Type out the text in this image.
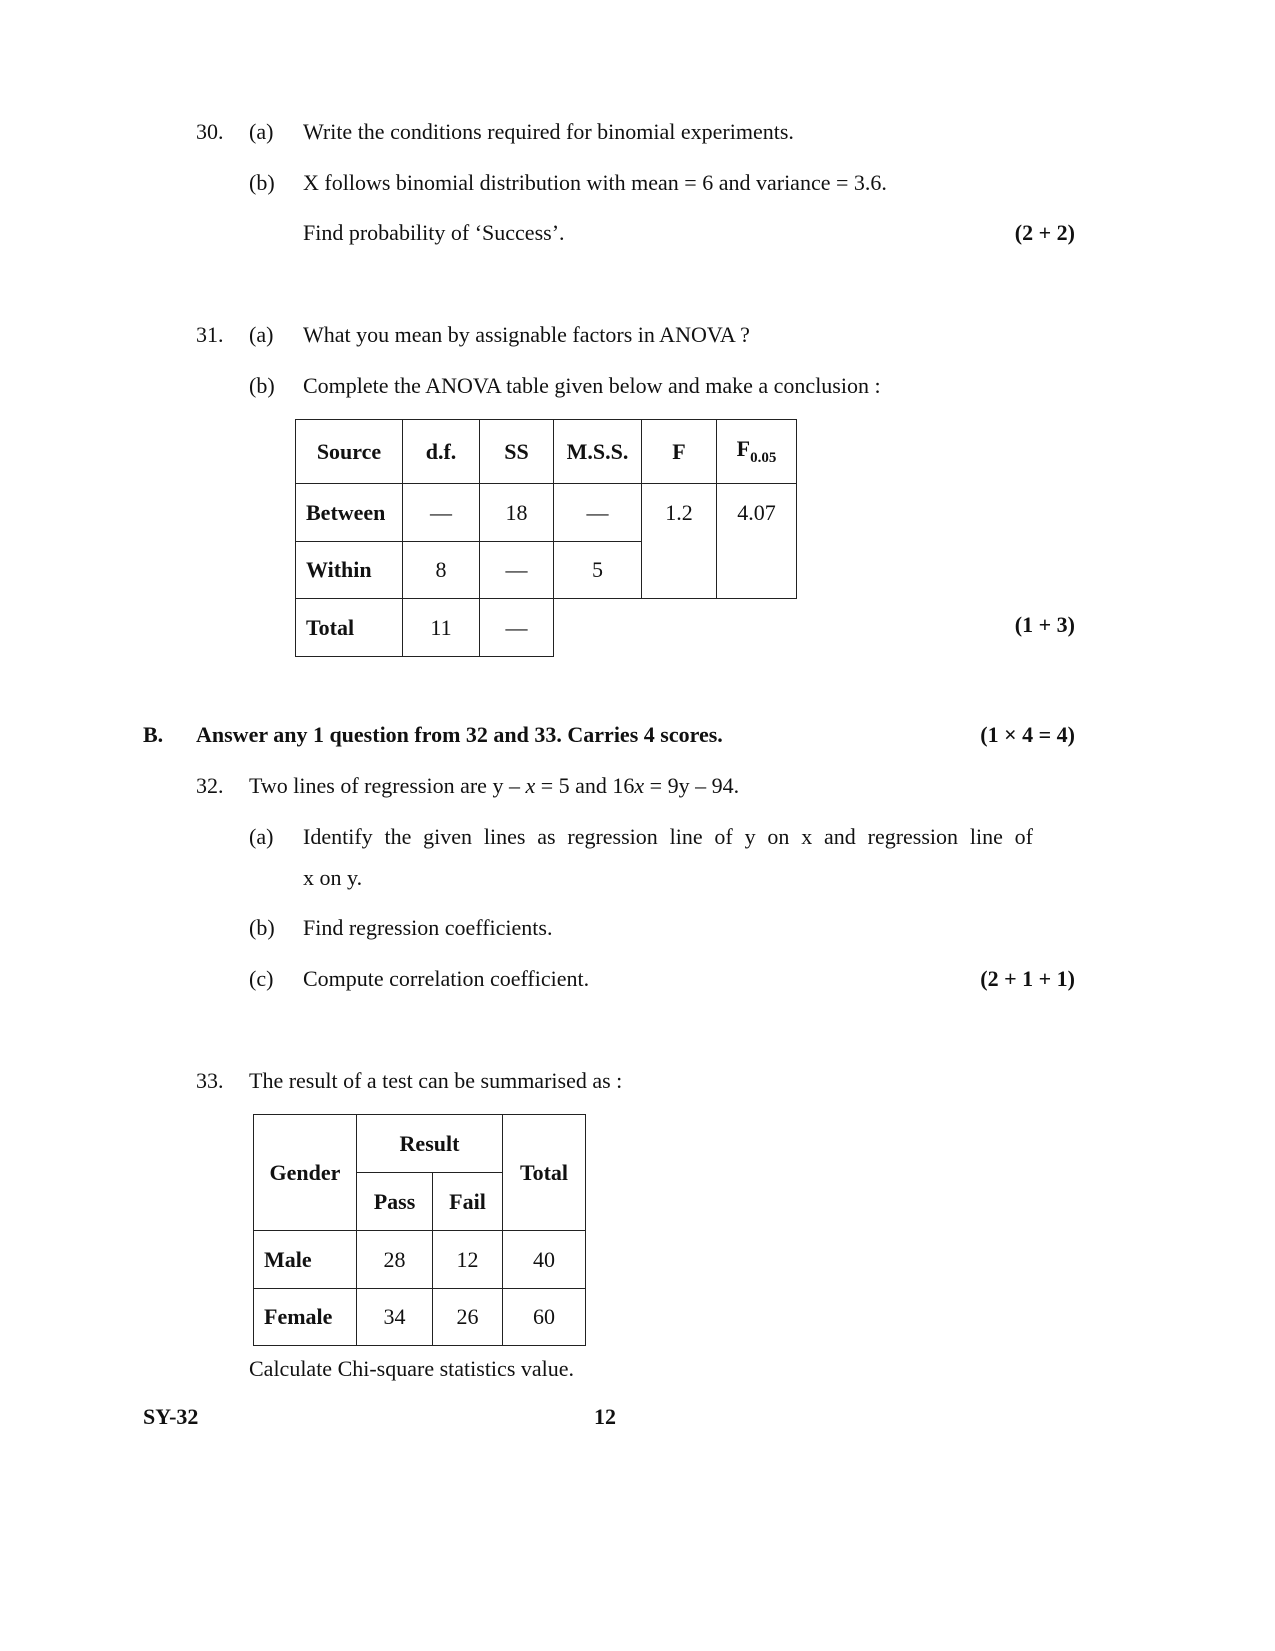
30. (a) Write the conditions required for binomial experiments.
(b) X follows binomial distribution with mean = 6 and variance = 3.6.
Find probability of ‘Success’.	(2 + 2)
31. (a) What you mean by assignable factors in ANOVA ?
(b) Complete the ANOVA table given below and make a conclusion :
Source	d.f.	SS	M.S.S.	F	$F_{0.05}$
Between	—	18	—	1.2	4.07
Within	8	—	5		
Total	11	—				(1 + 3)
B. Answer any 1 question from 32 and 33. Carries 4 scores.	(1 × 4 = 4)
32. Two lines of regression are y – x = 5 and 16x = 9y – 94.
(a) Identify the given lines as regression line of y on x and regression line of
x on y.
(b) Find regression coefficients.
(c) Compute correlation coefficient.	(2 + 1 + 1)
33. The result of a test can be summarised as :
Gender	Result		Total
	Pass	Fail	
Male	28	12	40
Female	34	26	60
Calculate Chi-square statistics value.
SY-32	12
